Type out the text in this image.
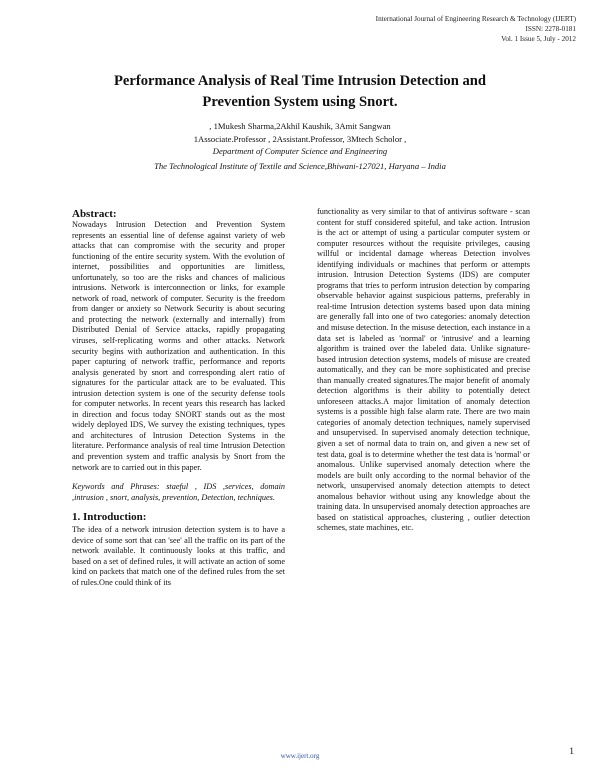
International Journal of Engineering Research & Technology (IJERT)
ISSN: 2278-0181
Vol. 1 Issue 5, July - 2012
Performance Analysis of Real Time Intrusion Detection and
Prevention System using Snort.
, 1Mukesh Sharma,2Akhil Kaushik, 3Amit Sangwan
1Associate.Professor , 2Assistant.Professor, 3Mtech Scholor ,
Department of Computer Science and Engineering
The Technological Institute of Textile and Science,Bhiwani-127021, Haryana – India
Abstract:

Nowadays Intrusion Detection and Prevention System represents an essential line of defense against variety of web attacks that can compromise with the security and proper functioning of the entire security system. With the evolution of internet, possibilities and opportunities are limitless, unfortunately, so too are the risks and chances of malicious intrusions. Network is interconnection or links, for example network of road, network of computer. Security is the freedom from danger or anxiety so Network Security is about securing and protecting the network (externally and internally) from Distributed Denial of Service attacks, rapidly propagating viruses, self-replicating worms and other attacks. Network security begins with authorization and authentication. In this paper capturing of network traffic, performance and reports analysis generated by snort and corresponding alert ratio of signatures for the particular attack are to be evaluated. This intrusion detection system is one of the security defense tools for computer networks. In recent years this research has lacked in direction and focus today SNORT stands out as the most widely deployed IDS, We survey the existing techniques, types and architectures of Intrusion Detection Systems in the literature. Performance analysis of real time Intrusion Detection and prevention system and traffic analysis by Snort from the network are to carried out in this paper.

Keywords and Phrases: staeful , IDS ,services, domain ,intrusion , snort, analysis, prevention, Detection, techniques.

1. Introduction:

The idea of a network intrusion detection system is to have a device of some sort that can 'see' all the traffic on its part of the network available. It continuously looks at this traffic, and based on a set of defined rules, it will activate an action of some kind on packets that match one of the defined rules from the set of rules.One could think of its

functionality as very similar to that of antivirus software - scan content for stuff considered spiteful, and take action. Intrusion is the act or attempt of using a particular computer system or computer resources without the requisite privileges, causing willful or incidental damage whereas Detection involves identifying individuals or machines that perform or attempts intrusion. Intrusion Detection Systems (IDS) are computer programs that tries to perform intrusion detection by comparing observable behavior against suspicious patterns, preferably in real-time Intrusion detection systems based upon data mining are generally fall into one of two categories: anomaly detection and misuse detection. In the misuse detection, each instance in a data set is labeled as 'normal' or 'intrusive' and a learning algorithm is trained over the labeled data. Unlike signature-based intrusion detection systems, models of misuse are created automatically, and they can be more sophisticated and precise than manually created signatures.The major benefit of anomaly detection algorithms is their ability to potentially detect unforeseen attacks.A major limitation of anomaly detection systems is a possible high false alarm rate. There are two main categories of anomaly detection techniques, namely supervised and unsupervised. In supervised anomaly detection technique, given a set of normal data to train on, and given a new set of test data, goal is to determine whether the test data is 'normal' or anomalous. Unlike supervised anomaly detection where the models are built only according to the normal behavior of the network, unsupervised anomaly detection attempts to detect anomalous behavior without using any knowledge about the training data. In unsupervised anomaly detection approaches are based on statistical approaches, clustering , outlier detection schemes, state machines, etc.

www.ijert.org	1
